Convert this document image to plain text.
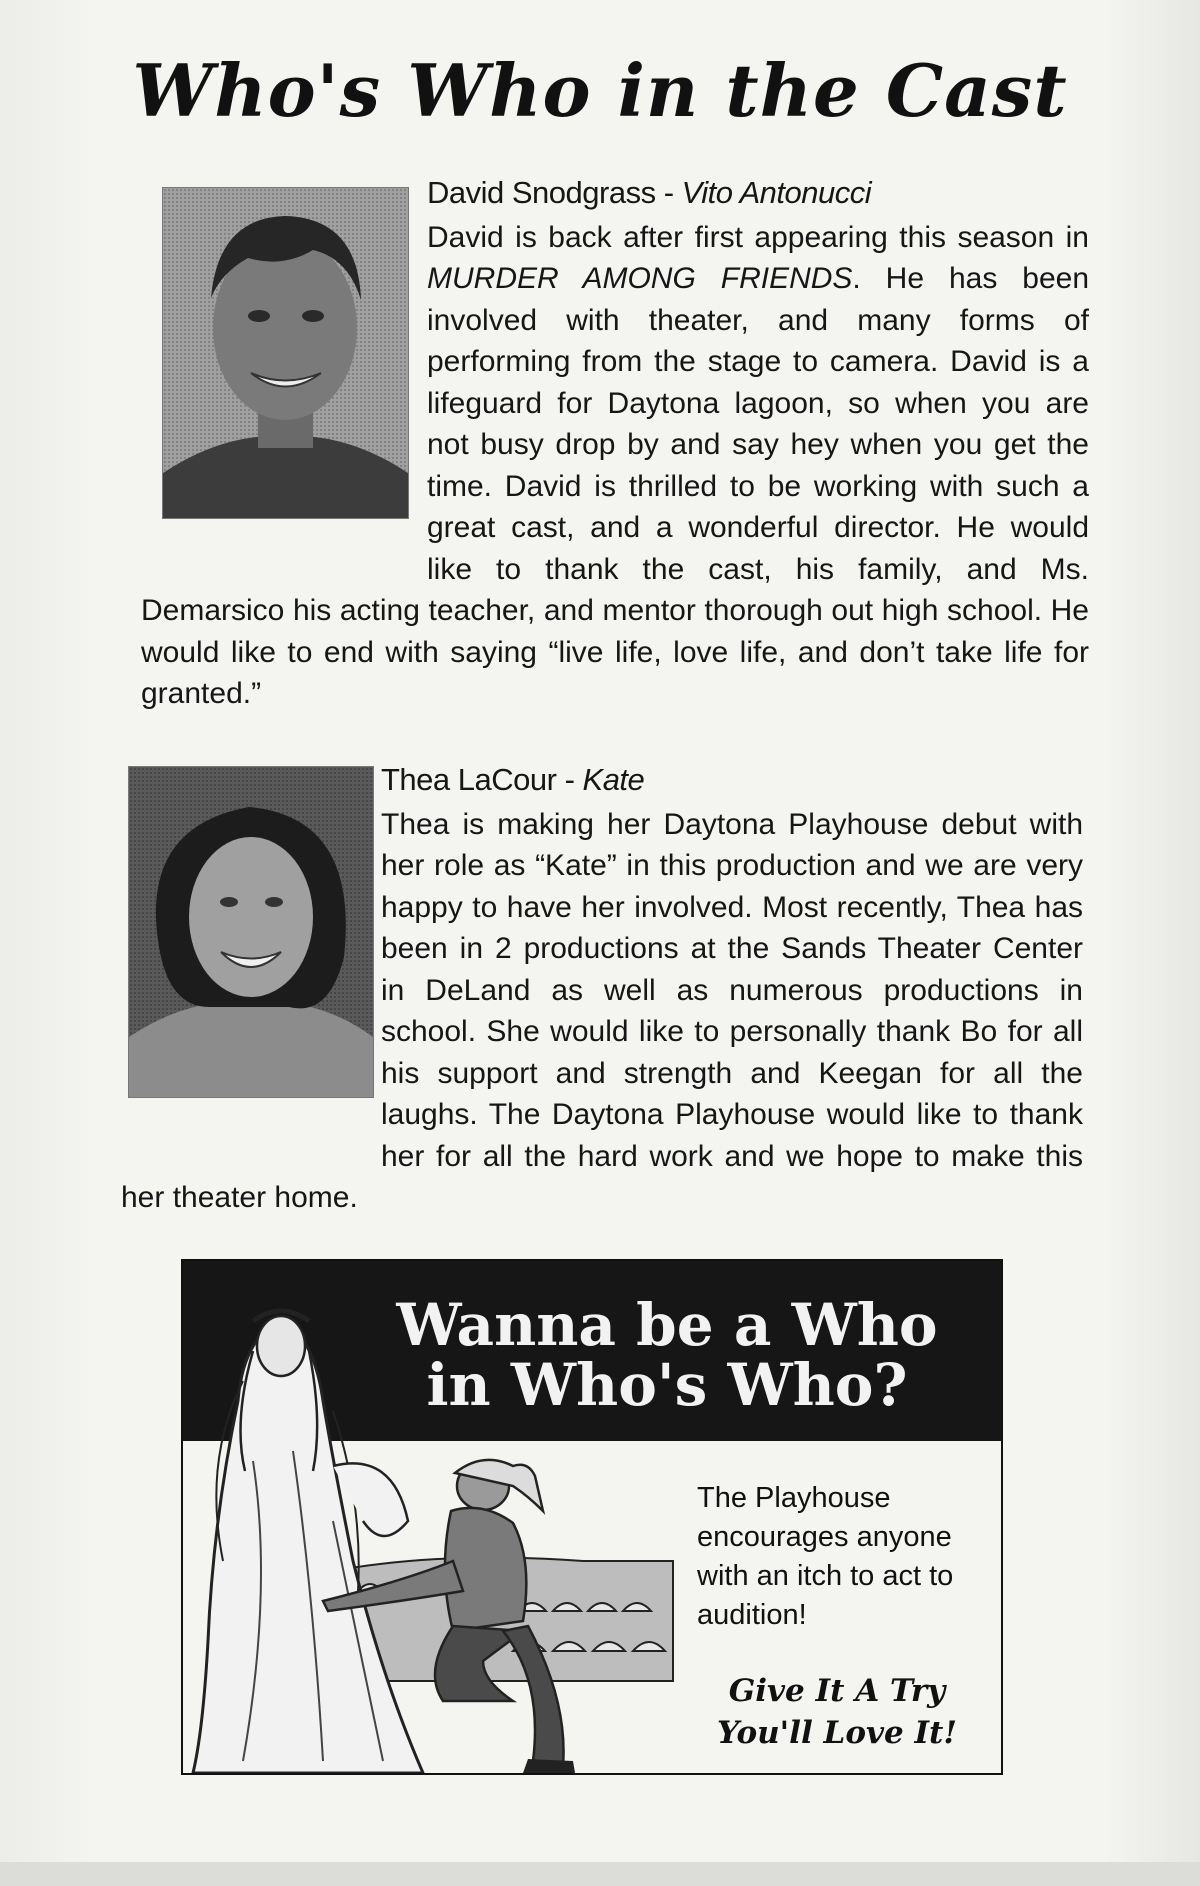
Who's Who in the Cast
David Snodgrass - Vito Antonucci
David is back after first appearing this season in MURDER AMONG FRIENDS. He has been involved with theater, and many forms of performing from the stage to camera. David is a lifeguard for Daytona lagoon, so when you are not busy drop by and say hey when you get the time. David is thrilled to be working with such a great cast, and a wonderful director. He would like to thank the cast, his family, and Ms. Demarsico his acting teacher, and mentor thorough out high school. He would like to end with saying “live life, love life, and don’t take life for granted.”
Thea LaCour - Kate
Thea is making her Daytona Playhouse debut with her role as “Kate” in this production and we are very happy to have her involved. Most recently, Thea has been in 2 productions at the Sands Theater Center in DeLand as well as numerous productions in school. She would like to personally thank Bo for all his support and strength and Keegan for all the laughs. The Daytona Playhouse would like to thank her for all the hard work and we hope to make this her theater home.
Wanna be a Who
in Who's Who?
The Playhouse encourages anyone with an itch to act to audition!
Give It A Try
You'll Love It!
